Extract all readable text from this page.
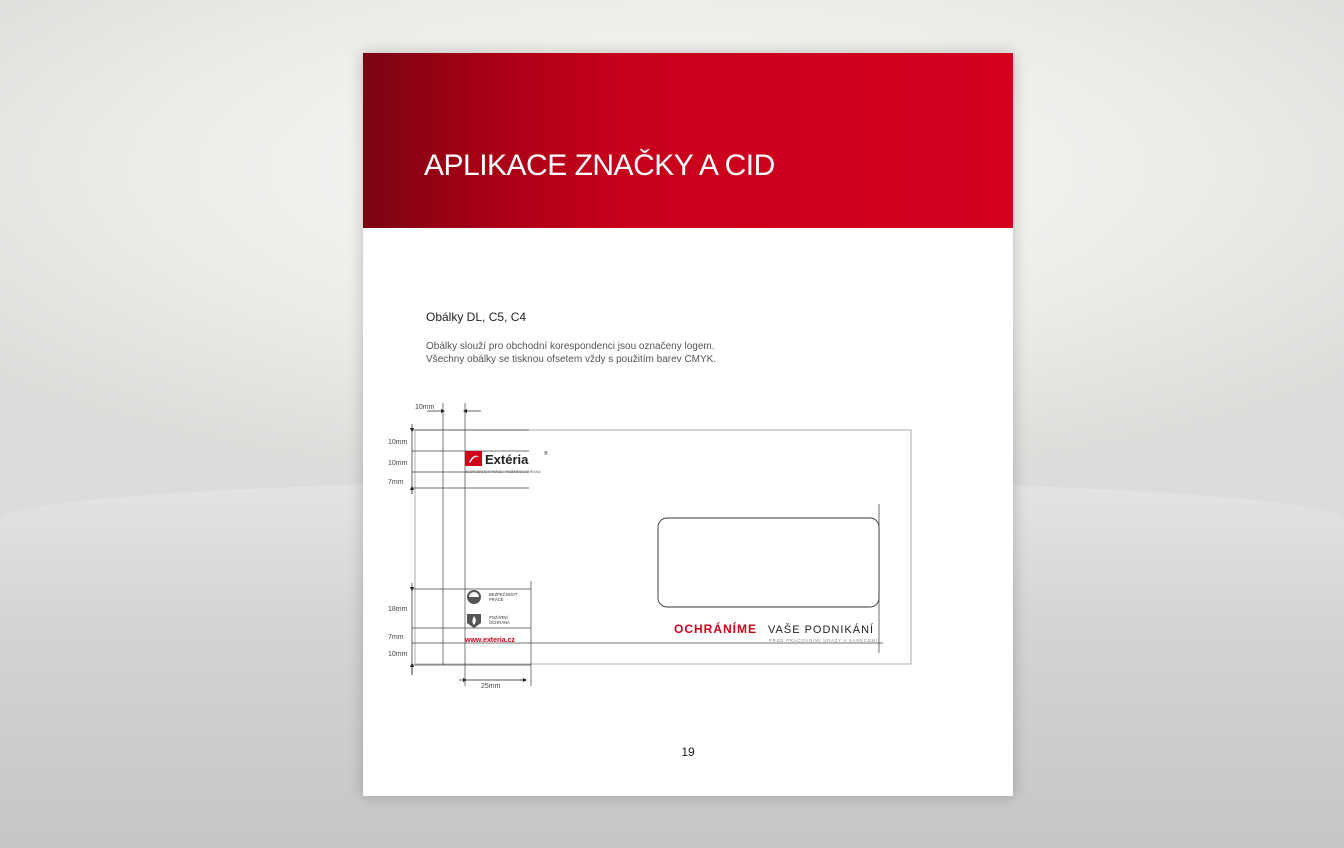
APLIKACE ZNAČKY A CID
Obálky DL, C5, C4
Obálky slouží pro obchodní korespondenci jsou označeny logem.
Všechny obálky se tisknou ofsetem vždy s použitím barev CMYK.
10mm
10mm
10mm
7mm
18mm
7mm
10mm
25mm
Extéria	®
BEZPEČNOST PRÁCE · POŽÁRNÍ OCHRANA
BEZPEČNOST
PRÁCE
POŽÁRNÍ
OCHRANA
www.exteria.cz
OCHRÁNÍME VAŠE PODNIKÁNÍ
PŘED PRACOVNÍMI ÚRAZY A SANKCEMI
19
